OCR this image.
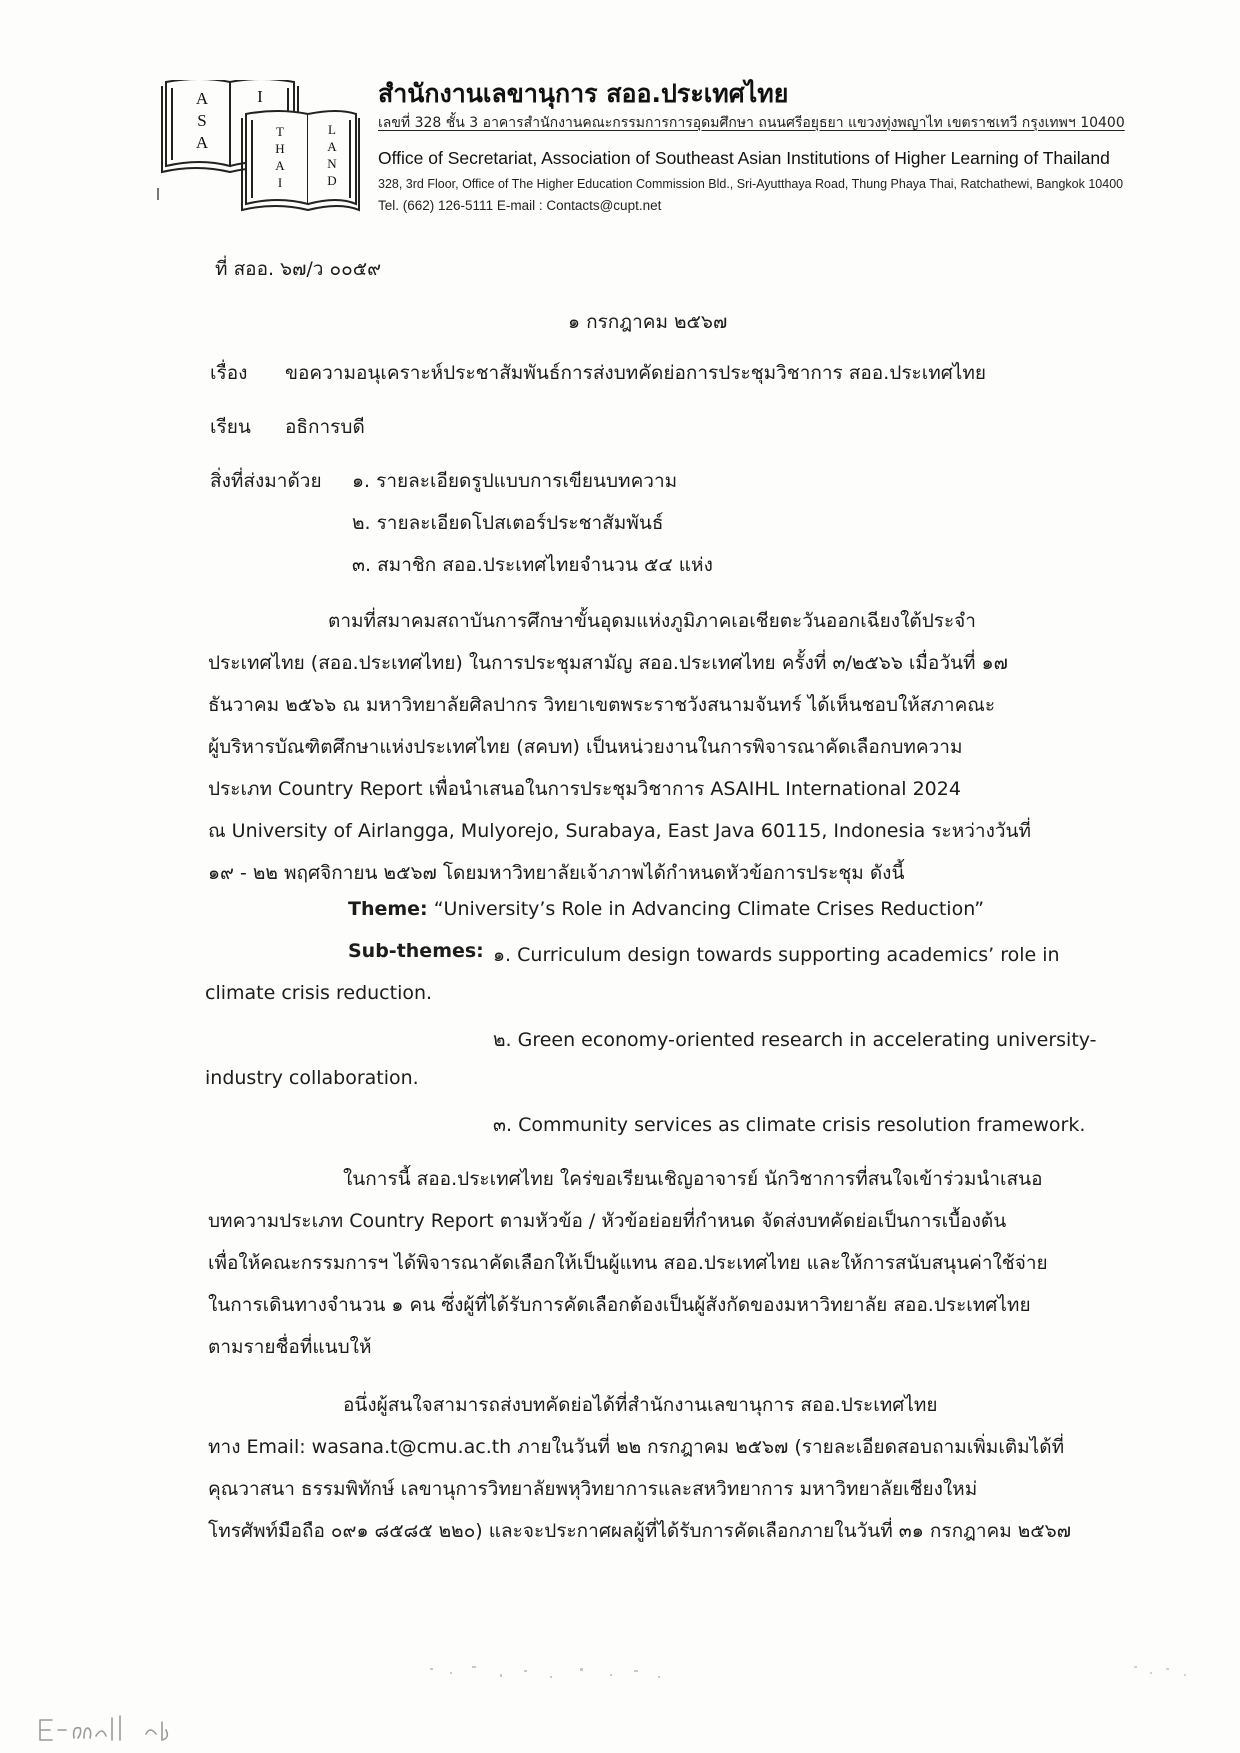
A
S
A
I
T
H
A
I
L
A
N
D
สำนักงานเลขานุการ สออ.ประเทศไทย
เลขที่ 328 ชั้น 3 อาคารสำนักงานคณะกรรมการการอุดมศึกษา ถนนศรีอยุธยา แขวงทุ่งพญาไท เขตราชเทวี กรุงเทพฯ 10400
Office of Secretariat, Association of Southeast Asian Institutions of Higher Learning of Thailand
328, 3rd Floor, Office of The Higher Education Commission Bld., Sri-Ayutthaya Road, Thung Phaya Thai, Ratchathewi, Bangkok 10400
Tel. (662) 126-5111 E-mail : Contacts@cupt.net
ที่ สออ. ๖๗/ว ๐๐๕๙
๑ กรกฎาคม ๒๕๖๗
เรื่อง ขอความอนุเคราะห์ประชาสัมพันธ์การส่งบทคัดย่อการประชุมวิชาการ สออ.ประเทศไทย
เรียน อธิการบดี
สิ่งที่ส่งมาด้วย ๑. รายละเอียดรูปแบบการเขียนบทความ
๒. รายละเอียดโปสเตอร์ประชาสัมพันธ์
๓. สมาชิก สออ.ประเทศไทยจำนวน ๕๔ แห่ง
ตามที่สมาคมสถาบันการศึกษาขั้นอุดมแห่งภูมิภาคเอเชียตะวันออกเฉียงใต้ประจำ
ประเทศไทย (สออ.ประเทศไทย) ในการประชุมสามัญ สออ.ประเทศไทย ครั้งที่ ๓/๒๕๖๖ เมื่อวันที่ ๑๗
ธันวาคม ๒๕๖๖ ณ มหาวิทยาลัยศิลปากร วิทยาเขตพระราชวังสนามจันทร์ ได้เห็นชอบให้สภาคณะ
ผู้บริหารบัณฑิตศึกษาแห่งประเทศไทย (สคบท) เป็นหน่วยงานในการพิจารณาคัดเลือกบทความ
ประเภท Country Report เพื่อนำเสนอในการประชุมวิชาการ ASAIHL International 2024
ณ University of Airlangga, Mulyorejo, Surabaya, East Java 60115, Indonesia ระหว่างวันที่
๑๙ - ๒๒ พฤศจิกายน ๒๕๖๗ โดยมหาวิทยาลัยเจ้าภาพได้กำหนดหัวข้อการประชุม ดังนี้
Theme: “University’s Role in Advancing Climate Crises Reduction”
Sub-themes: ๑. Curriculum design towards supporting academics’ role in
climate crisis reduction.
๒. Green economy-oriented research in accelerating university-
industry collaboration.
๓. Community services as climate crisis resolution framework.
ในการนี้ สออ.ประเทศไทย ใคร่ขอเรียนเชิญอาจารย์ นักวิชาการที่สนใจเข้าร่วมนำเสนอ
บทความประเภท Country Report ตามหัวข้อ / หัวข้อย่อยที่กำหนด จัดส่งบทคัดย่อเป็นการเบื้องต้น
เพื่อให้คณะกรรมการฯ ได้พิจารณาคัดเลือกให้เป็นผู้แทน สออ.ประเทศไทย และให้การสนับสนุนค่าใช้จ่าย
ในการเดินทางจำนวน ๑ คน ซึ่งผู้ที่ได้รับการคัดเลือกต้องเป็นผู้สังกัดของมหาวิทยาลัย สออ.ประเทศไทย
ตามรายชื่อที่แนบให้
อนึ่งผู้สนใจสามารถส่งบทคัดย่อได้ที่สำนักงานเลขานุการ สออ.ประเทศไทย
ทาง Email: wasana.t@cmu.ac.th ภายในวันที่ ๒๒ กรกฎาคม ๒๕๖๗ (รายละเอียดสอบถามเพิ่มเติมได้ที่
คุณวาสนา ธรรมพิทักษ์ เลขานุการวิทยาลัยพหุวิทยาการและสหวิทยาการ มหาวิทยาลัยเชียงใหม่
โทรศัพท์มือถือ ๐๙๑ ๘๕๘๕ ๒๒๐) และจะประกาศผลผู้ที่ได้รับการคัดเลือกภายในวันที่ ๓๑ กรกฎาคม ๒๕๖๗
